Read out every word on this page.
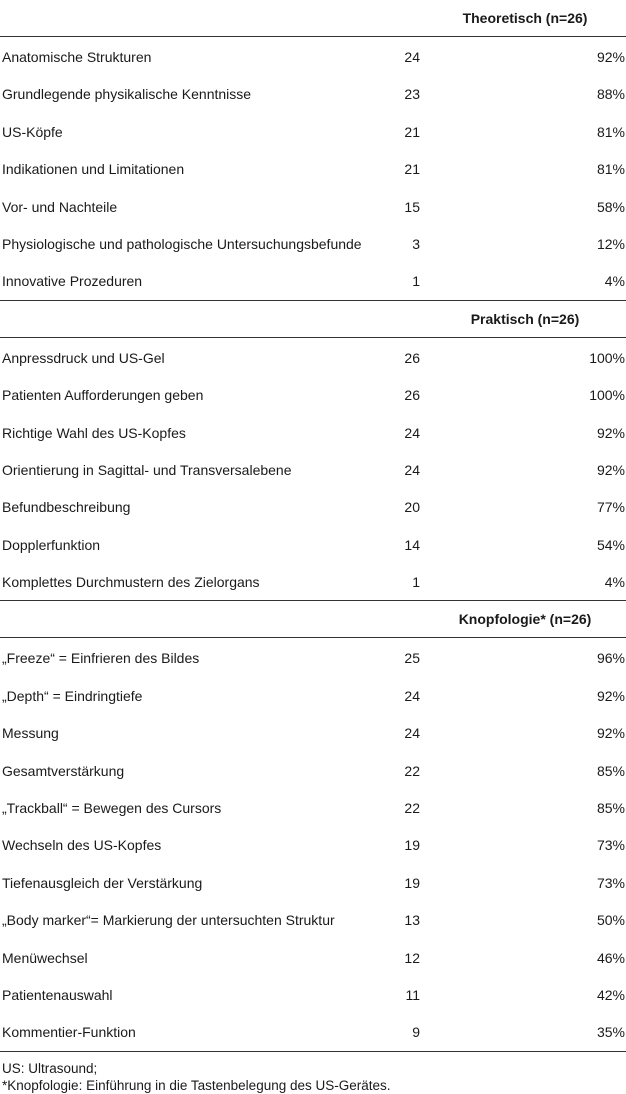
Theoretisch (n=26)
Anatomische Strukturen	24	92%
Grundlegende physikalische Kenntnisse	23	88%
US-Köpfe	21	81%
Indikationen und Limitationen	21	81%
Vor- und Nachteile	15	58%
Physiologische und pathologische Untersuchungsbefunde	3	12%
Innovative Prozeduren	1	4%
Praktisch (n=26)
Anpressdruck und US-Gel	26	100%
Patienten Aufforderungen geben	26	100%
Richtige Wahl des US-Kopfes	24	92%
Orientierung in Sagittal- und Transversalebene	24	92%
Befundbeschreibung	20	77%
Dopplerfunktion	14	54%
Komplettes Durchmustern des Zielorgans	1	4%
Knopfologie* (n=26)
„Freeze“ = Einfrieren des Bildes	25	96%
„Depth“ = Eindringtiefe	24	92%
Messung	24	92%
Gesamtverstärkung	22	85%
„Trackball“ = Bewegen des Cursors	22	85%
Wechseln des US-Kopfes	19	73%
Tiefenausgleich der Verstärkung	19	73%
„Body marker“= Markierung der untersuchten Struktur	13	50%
Menüwechsel	12	46%
Patientenauswahl	11	42%
Kommentier-Funktion	9	35%
US: Ultrasound;
*Knopfologie: Einführung in die Tastenbelegung des US-Gerätes.
